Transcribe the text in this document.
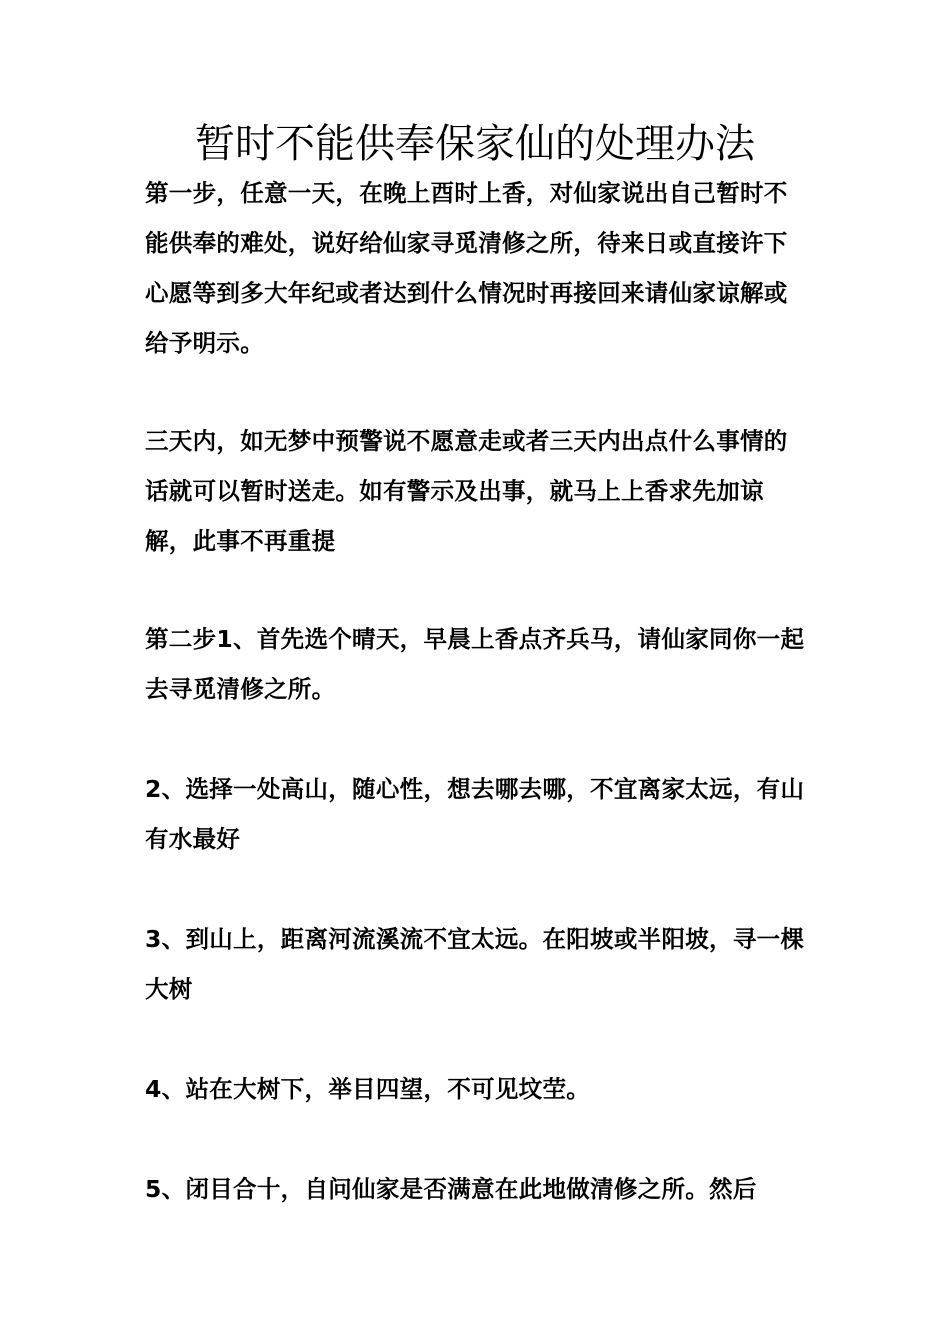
暂时不能供奉保家仙的处理办法

第一步，任意一天，在晚上酉时上香，对仙家说出自己暂时不能供奉的难处，说好给仙家寻觅清修之所，待来日或直接许下心愿等到多大年纪或者达到什么情况时再接回来请仙家谅解或给予明示。

三天内，如无梦中预警说不愿意走或者三天内出点什么事情的话就可以暂时送走。如有警示及出事，就马上上香求先加谅解，此事不再重提

第二步1、首先选个晴天，早晨上香点齐兵马，请仙家同你一起去寻觅清修之所。

2、选择一处高山，随心性，想去哪去哪，不宜离家太远，有山有水最好

3、到山上，距离河流溪流不宜太远。在阳坡或半阳坡，寻一棵大树

4、站在大树下，举目四望，不可见坟茔。

5、闭目合十，自问仙家是否满意在此地做清修之所。然后
